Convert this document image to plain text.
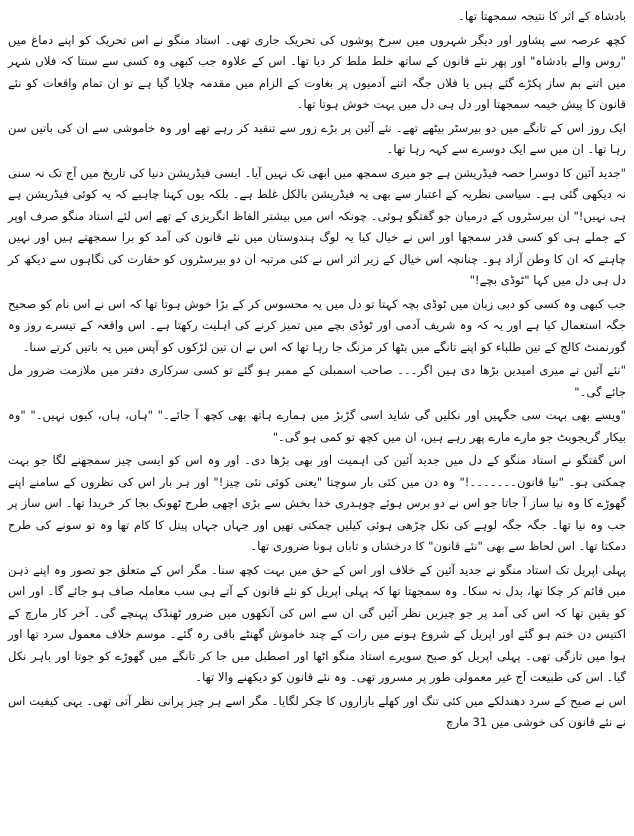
بادشاہ کے اثر کا نتیجہ سمجھتا تھا۔

کچھ عرصہ سے پشاور اور دیگر شہروں میں سرخ پوشوں کی تحریک جاری تھی۔ استاد منگو نے اس تحریک کو اپنے دماغ میں "روس والے بادشاہ" اور پھر نئے قانون کے ساتھ خلط ملط کر دیا تھا۔ اس کے علاوہ جب کبھی وہ کسی سے سنتا کہ فلاں شہر میں اتنے بم ساز پکڑے گئے ہیں یا فلاں جگہ اتنے آدمیوں پر بغاوت کے الزام میں مقدمہ چلایا گیا ہے تو ان تمام واقعات کو نئے قانون کا پیش خیمہ سمجھتا اور دل ہی دل میں بہت خوش ہوتا تھا۔

ایک روز اس کے تانگے میں دو بیرسٹر بیٹھے تھے۔ نئے آئین پر بڑے زور سے تنقید کر رہے تھے اور وہ خاموشی سے ان کی باتیں سن رہا تھا۔ ان میں سے ایک دوسرے سے کہہ رہا تھا۔

"جدید آئین کا دوسرا حصہ فیڈریشن ہے جو میری سمجھ میں ابھی تک نہیں آیا۔ ایسی فیڈریشن دنیا کی تاریخ میں آج تک نہ سنی نہ دیکھی گئی ہے۔ سیاسی نظریہ کے اعتبار سے بھی یہ فیڈریشن بالکل غلط ہے۔ بلکہ یوں کہنا چاہیے کہ یہ کوئی فیڈریشن ہے ہی نہیں!" ان بیرسٹروں کے درمیان جو گفتگو ہوئی۔ چونکہ اس میں بیشتر الفاظ انگریزی کے تھے اس لئے استاد منگو صرف اوپر کے جملے ہی کو کسی قدر سمجھا اور اس نے خیال کیا یہ لوگ ہندوستان میں نئے قانون کی آمد کو برا سمجھتے ہیں اور نہیں چاہتے کہ ان کا وطن آزاد ہو۔ چنانچہ اس خیال کے زیر اثر اس نے کئی مرتبہ ان دو بیرسٹروں کو حقارت کی نگاہوں سے دیکھ کر دل ہی دل میں کہا "ٹوڈی بچے!"

جب کبھی وہ کسی کو دبی زبان میں ٹوڈی بچہ کہتا تو دل میں یہ محسوس کر کے بڑا خوش ہوتا تھا کہ اس نے اس نام کو صحیح جگہ استعمال کیا ہے اور یہ کہ وہ شریف آدمی اور ٹوڈی بچے میں تمیز کرنے کی اہلیت رکھتا ہے۔ اس واقعہ کے تیسرے روز وہ گورنمنٹ کالج کے تین طلباء کو اپنے تانگے میں بٹھا کر مزنگ جا رہا تھا کہ اس نے ان تین لڑکوں کو آپس میں یہ باتیں کرتے سنا۔

"نئے آئین نے میری امیدیں بڑھا دی ہیں اگر۔۔۔ صاحب اسمبلی کے ممبر ہو گئے تو کسی سرکاری دفتر میں ملازمت ضرور مل جائے گی۔"

"ویسے بھی بہت سی جگہیں اور نکلیں گی شاید اسی گڑبڑ میں ہمارے ہاتھ بھی کچھ آ جائے۔" "ہاں، ہاں، کیوں نہیں۔" "وہ بیکار گریجویٹ جو مارے مارے پھر رہے ہیں، ان میں کچھ تو کمی ہو گی۔"

اس گفتگو نے استاد منگو کے دل میں جدید آئین کی اہمیت اور بھی بڑھا دی۔ اور وہ اس کو ایسی چیز سمجھنے لگا جو بہت چمکتی ہو۔ "نیا قانون۔۔۔۔۔۔۔!" وہ دن میں کئی بار سوچتا "یعنی کوئی نئی چیز!" اور ہر بار اس کی نظروں کے سامنے اپنے گھوڑے کا وہ نیا ساز آ جاتا جو اس نے دو برس ہوئے چوہدری خدا بخش سے بڑی اچھی طرح ٹھونک بجا کر خریدا تھا۔ اس ساز پر جب وہ نیا تھا۔ جگہ جگہ لوہے کی نکل چڑھی ہوئی کیلیں چمکتی تھیں اور جہاں جہاں پیتل کا کام تھا وہ تو سونے کی طرح دمکتا تھا۔ اس لحاظ سے بھی "نئے قانون" کا درخشاں و تاباں ہونا ضروری تھا۔

پہلی اپریل تک استاد منگو نے جدید آئین کے خلاف اور اس کے حق میں بہت کچھ سنا۔ مگر اس کے متعلق جو تصور وہ اپنے ذہن میں قائم کر چکا تھا، بدل نہ سکا۔ وہ سمجھتا تھا کہ پہلی اپریل کو نئے قانون کے آتے ہی سب معاملہ صاف ہو جائے گا۔ اور اس کو یقین تھا کہ اس کی آمد پر جو چیزیں نظر آئیں گی ان سے اس کی آنکھوں میں ضرور ٹھنڈک پہنچے گی۔ آخر کار مارچ کے اکتیس دن ختم ہو گئے اور اپریل کے شروع ہونے میں رات کے چند خاموش گھنٹے باقی رہ گئے۔ موسم خلاف معمول سرد تھا اور ہوا میں تازگی تھی۔ پہلی اپریل کو صبح سویرے استاد منگو اٹھا اور اصطبل میں جا کر تانگے میں گھوڑے کو جوتا اور باہر نکل گیا۔ اس کی طبیعت آج غیر معمولی طور پر مسرور تھی۔ وہ نئے قانون کو دیکھنے والا تھا۔

اس نے صبح کے سرد دھندلکے میں کئی تنگ اور کھلے بازاروں کا چکر لگایا۔ مگر اسے ہر چیز پرانی نظر آتی تھی۔ یہی کیفیت اس نے نئے قانون کی خوشی میں 31 مارچ
